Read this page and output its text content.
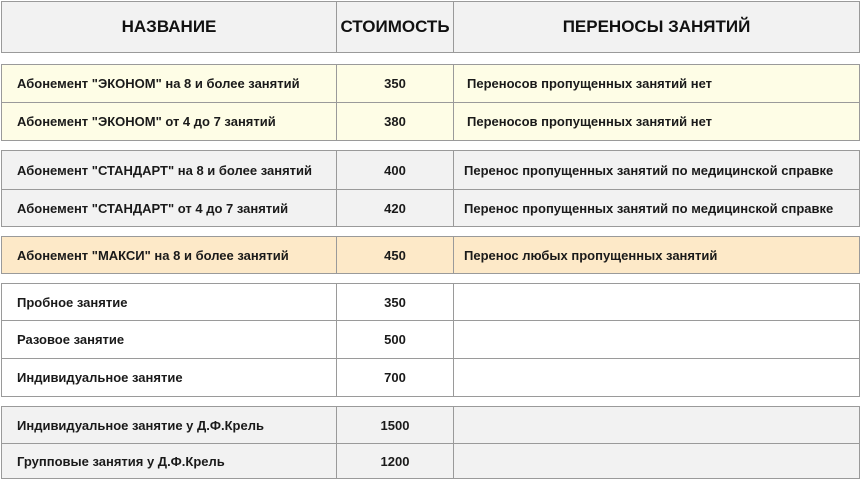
НАЗВАНИЕ	СТОИМОСТЬ	ПЕРЕНОСЫ ЗАНЯТИЙ
Абонемент "ЭКОНОМ" на 8 и более занятий	350	Переносов пропущенных занятий нет
Абонемент "ЭКОНОМ" от 4 до 7 занятий	380	Переносов пропущенных занятий нет
Абонемент "СТАНДАРТ" на 8 и более занятий	400	Перенос пропущенных занятий по медицинской справке
Абонемент "СТАНДАРТ" от 4 до 7 занятий	420	Перенос пропущенных занятий по медицинской справке
Абонемент "МАКСИ" на 8 и более занятий	450	Перенос любых пропущенных занятий
Пробное занятие	350
Разовое занятие	500
Индивидуальное занятие	700
Индивидуальное занятие у Д.Ф.Крель	1500
Групповые занятия у Д.Ф.Крель	1200
